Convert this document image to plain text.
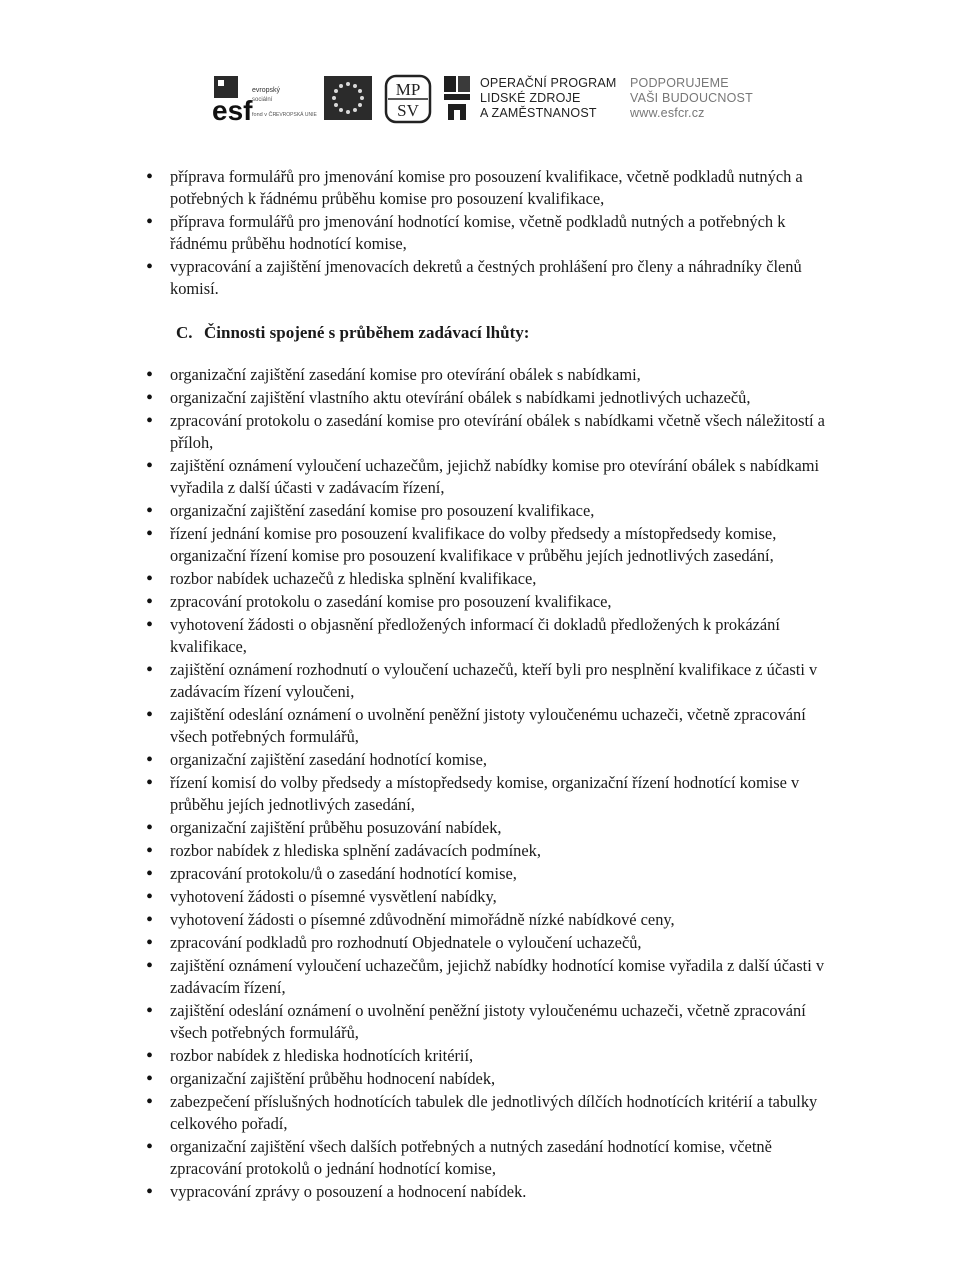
esf
evropský
sociální
fond v ČR EVROPSKÁ UNIE
MP
SV
OPERAČNÍ PROGRAM
LIDSKÉ ZDROJE
A ZAMĚSTNANOST
PODPORUJEME
VAŠI BUDOUCNOST
www.esfcr.cz
• příprava formulářů pro jmenování komise pro posouzení kvalifikace, včetně podkladů nutných a potřebných k řádnému průběhu komise pro posouzení kvalifikace,
• příprava formulářů pro jmenování hodnotící komise, včetně podkladů nutných a potřebných k řádnému průběhu hodnotící komise,
• vypracování a zajištění jmenovacích dekretů a čestných prohlášení pro členy a náhradníky členů komisí.
C. Činnosti spojené s průběhem zadávací lhůty:
• organizační zajištění zasedání komise pro otevírání obálek s nabídkami,
• organizační zajištění vlastního aktu otevírání obálek s nabídkami jednotlivých uchazečů,
• zpracování protokolu o zasedání komise pro otevírání obálek s nabídkami včetně všech náležitostí a příloh,
• zajištění oznámení vyloučení uchazečům, jejichž nabídky komise pro otevírání obálek s nabídkami vyřadila z další účasti v zadávacím řízení,
• organizační zajištění zasedání komise pro posouzení kvalifikace,
• řízení jednání komise pro posouzení kvalifikace do volby předsedy a místopředsedy komise, organizační řízení komise pro posouzení kvalifikace v průběhu jejích jednotlivých zasedání,
• rozbor nabídek uchazečů z hlediska splnění kvalifikace,
• zpracování protokolu o zasedání komise pro posouzení kvalifikace,
• vyhotovení žádosti o objasnění předložených informací či dokladů předložených k prokázání kvalifikace,
• zajištění oznámení rozhodnutí o vyloučení uchazečů, kteří byli pro nesplnění kvalifikace z účasti v zadávacím řízení vyloučeni,
• zajištění odeslání oznámení o uvolnění peněžní jistoty vyloučenému uchazeči, včetně zpracování všech potřebných formulářů,
• organizační zajištění zasedání hodnotící komise,
• řízení komisí do volby předsedy a místopředsedy komise, organizační řízení hodnotící komise v průběhu jejích jednotlivých zasedání,
• organizační zajištění průběhu posuzování nabídek,
• rozbor nabídek z hlediska splnění zadávacích podmínek,
• zpracování protokolu/ů o zasedání hodnotící komise,
• vyhotovení žádosti o písemné vysvětlení nabídky,
• vyhotovení žádosti o písemné zdůvodnění mimořádně nízké nabídkové ceny,
• zpracování podkladů pro rozhodnutí Objednatele o vyloučení uchazečů,
• zajištění oznámení vyloučení uchazečům, jejichž nabídky hodnotící komise vyřadila z další účasti v zadávacím řízení,
• zajištění odeslání oznámení o uvolnění peněžní jistoty vyloučenému uchazeči, včetně zpracování všech potřebných formulářů,
• rozbor nabídek z hlediska hodnotících kritérií,
• organizační zajištění průběhu hodnocení nabídek,
• zabezpečení příslušných hodnotících tabulek dle jednotlivých dílčích hodnotících kritérií a tabulky celkového pořadí,
• organizační zajištění všech dalších potřebných a nutných zasedání hodnotící komise, včetně zpracování protokolů o jednání hodnotící komise,
• vypracování zprávy o posouzení a hodnocení nabídek.
